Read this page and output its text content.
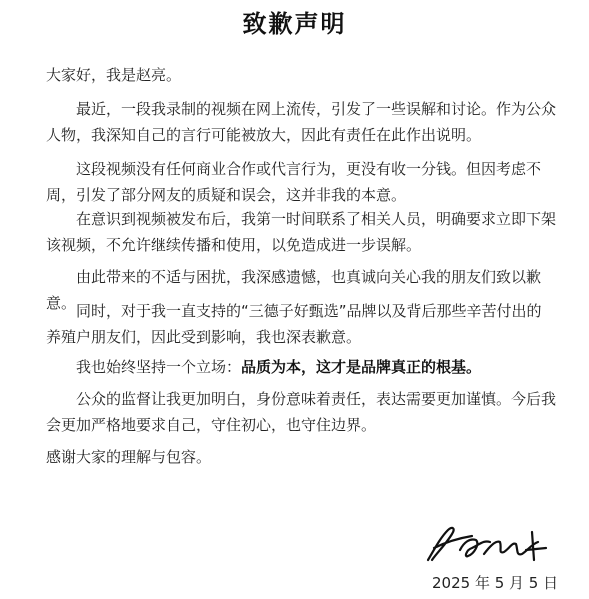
致歉声明

大家好，我是赵亮。

最近，一段我录制的视频在网上流传，引发了一些误解和讨论。作为公众人物，我深知自己的言行可能被放大，因此有责任在此作出说明。

这段视频没有任何商业合作或代言行为，更没有收一分钱。但因考虑不周，引发了部分网友的质疑和误会，这并非我的本意。

在意识到视频被发布后，我第一时间联系了相关人员，明确要求立即下架该视频，不允许继续传播和使用，以免造成进一步误解。

由此带来的不适与困扰，我深感遗憾，也真诚向关心我的朋友们致以歉意。 同时，对于我一直支持的“三德子好甄选”品牌以及背后那些辛苦付出的养殖户朋友们，因此受到影响，我也深表歉意。

我也始终坚持一个立场：品质为本，这才是品牌真正的根基。

公众的监督让我更加明白，身份意味着责任，表达需要更加谨慎。今后我会更加严格地要求自己，守住初心，也守住边界。

感谢大家的理解与包容。

2025 年 5 月 5 日
